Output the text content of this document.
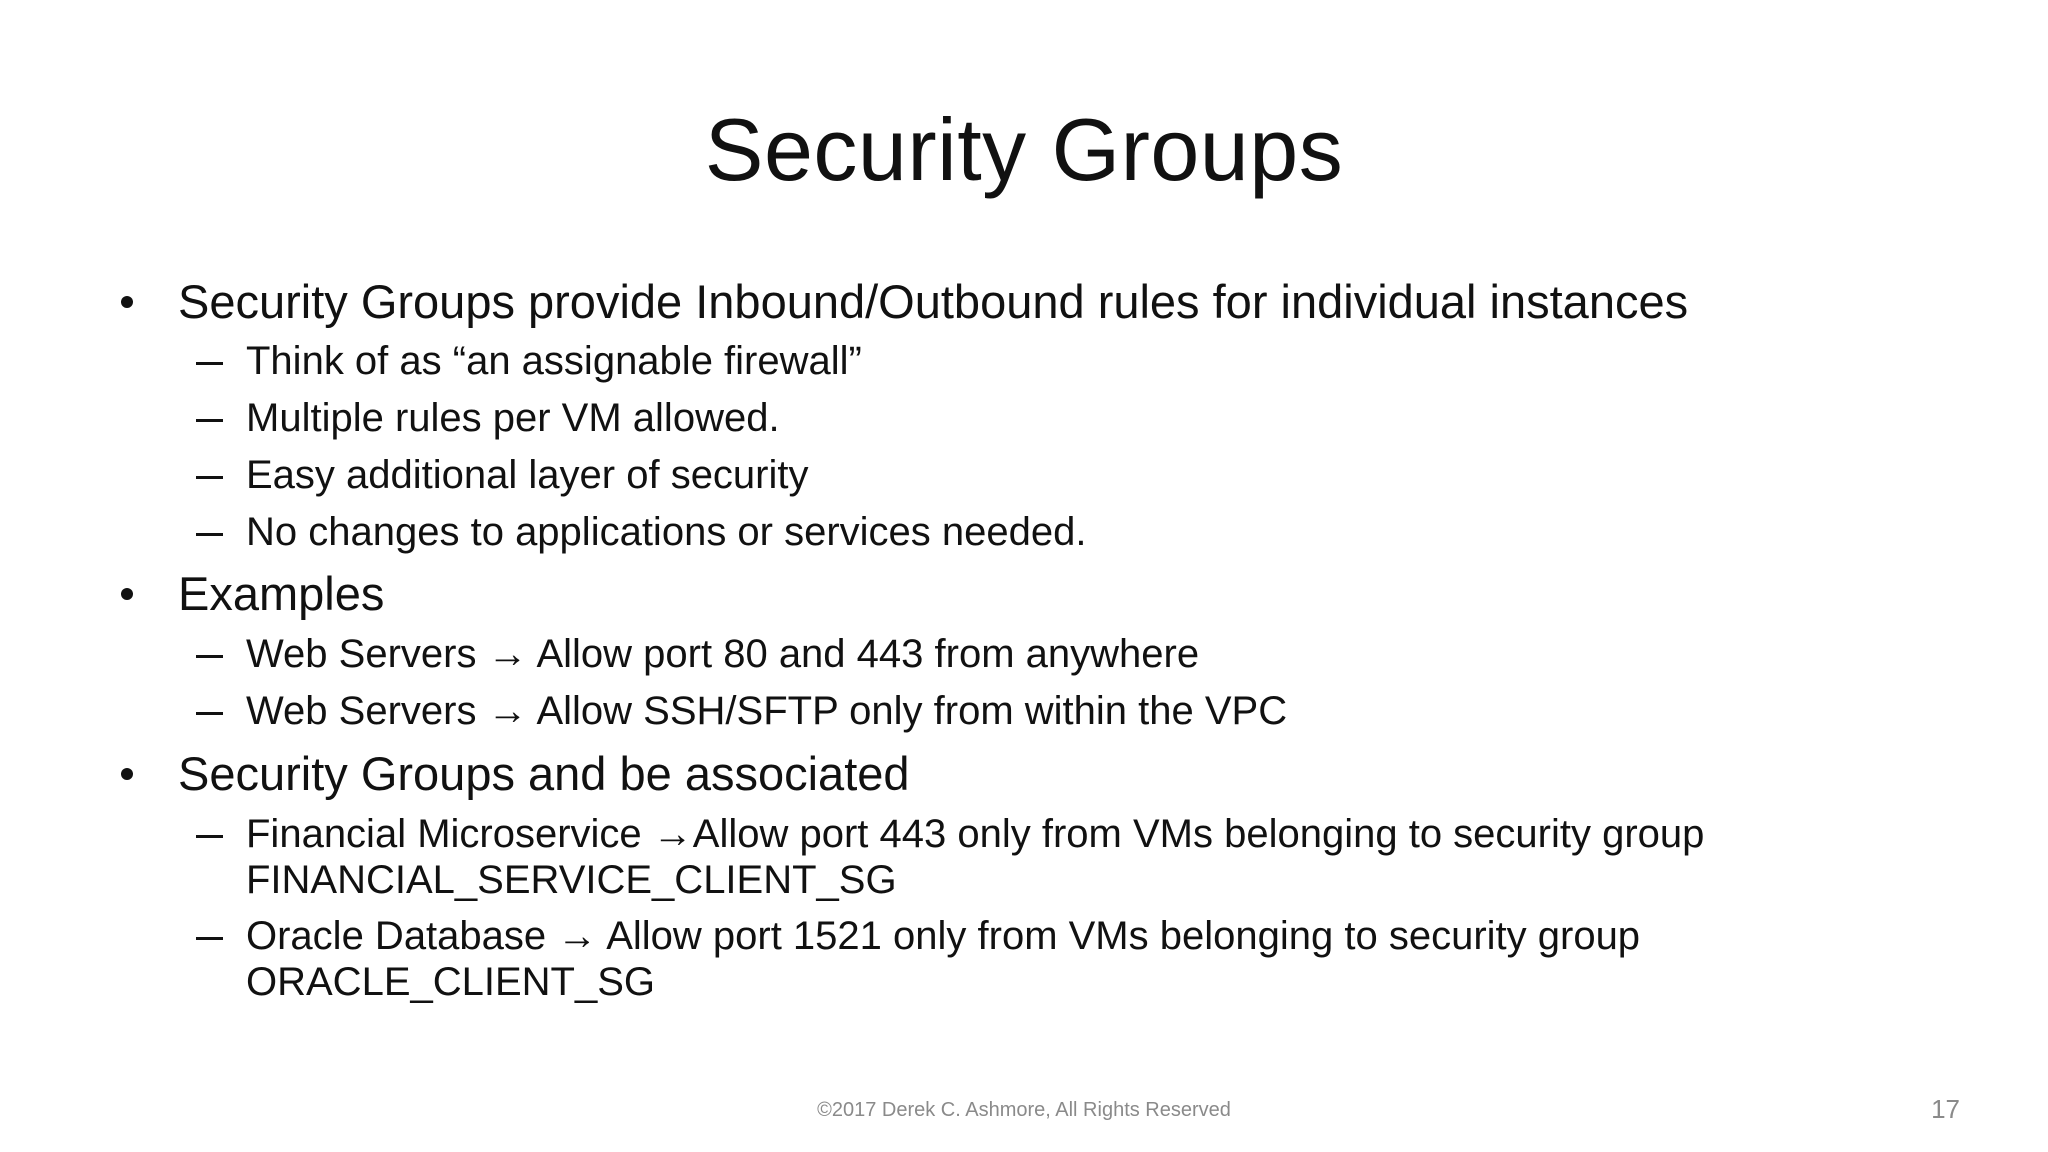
Security Groups
Security Groups provide Inbound/Outbound rules for individual instances
Think of as “an assignable firewall”
Multiple rules per VM allowed.
Easy additional layer of security
No changes to applications or services needed.
Examples
Web Servers → Allow port 80 and 443 from anywhere
Web Servers → Allow SSH/SFTP only from within the VPC
Security Groups and be associated
Financial Microservice →Allow port 443 only from VMs belonging to security group
FINANCIAL_SERVICE_CLIENT_SG
Oracle Database → Allow port 1521 only from VMs belonging to security group
ORACLE_CLIENT_SG
©2017 Derek C. Ashmore, All Rights Reserved	17
